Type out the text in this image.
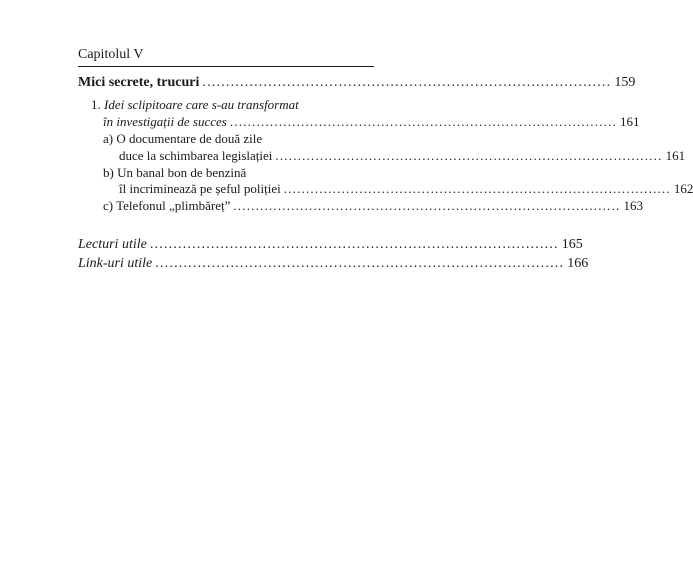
Capitolul V
Mici secrete, trucuri ....................................................................................... 159
1. Idei sclipitoare care s-au transformat
în investigații de succes ....................................................................................... 161
a) O documentare de două zile
duce la schimbarea legislației ....................................................................................... 161
b) Un banal bon de benzină
îl incriminează pe șeful poliției ....................................................................................... 162
c) Telefonul „plimbăreț” ....................................................................................... 163
Lecturi utile ....................................................................................... 165
Link-uri utile ....................................................................................... 166
